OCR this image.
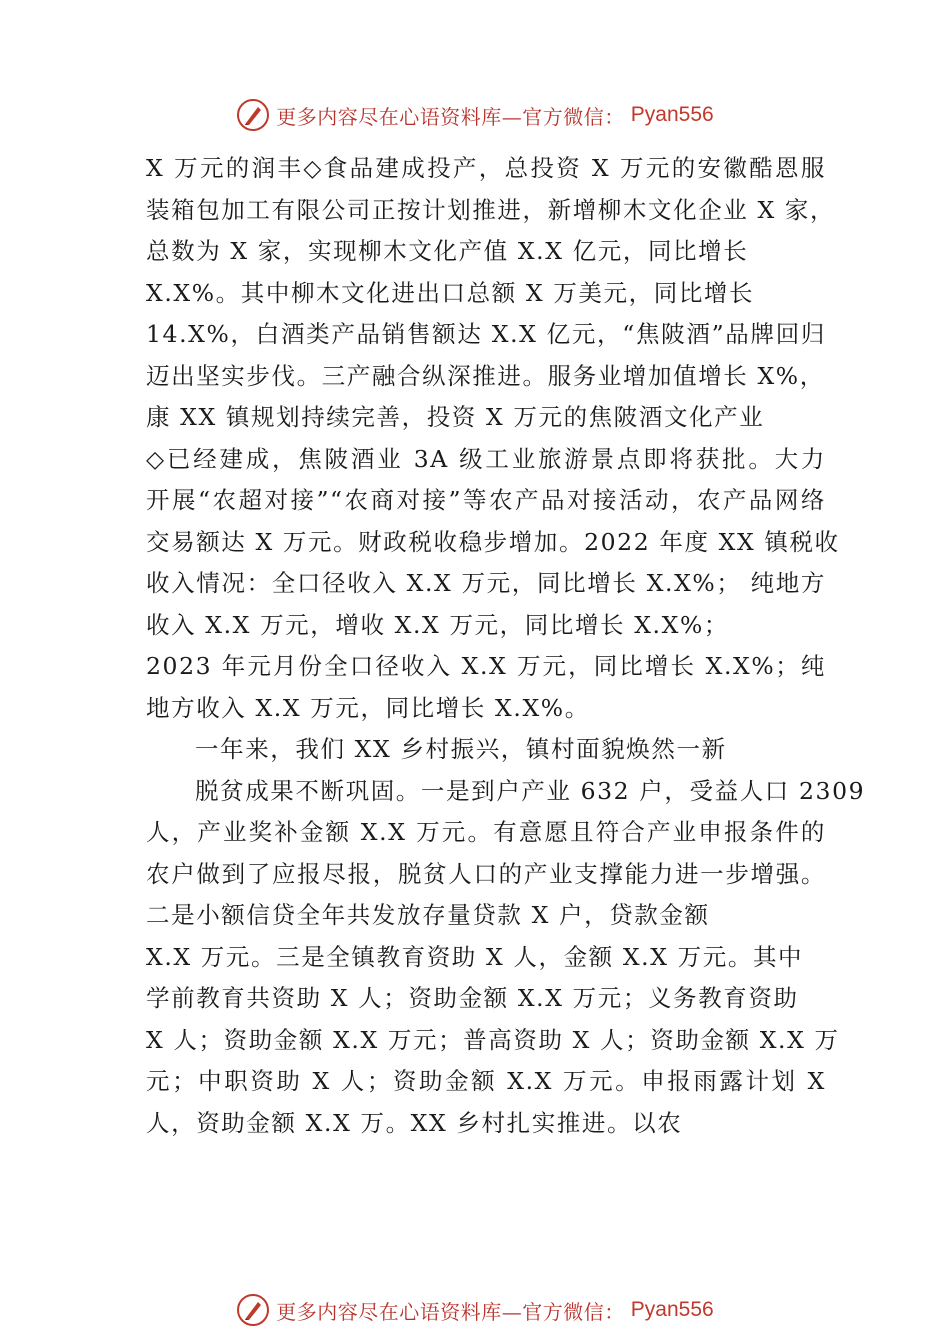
更多内容尽在心语资料库—官方微信： Pyan556
X 万元的润丰◇食品建成投产，总投资 X 万元的安徽酷恩服
装箱包加工有限公司正按计划推进，新增柳木文化企业 X 家，
总数为 X 家，实现柳木文化产值 X.X 亿元，同比增长
X.X%。其中柳木文化进出口总额 X 万美元，同比增长
14.X%，白酒类产品销售额达 X.X 亿元，“焦陂酒”品牌回归
迈出坚实步伐。三产融合纵深推进。服务业增加值增长 X%，
康 XX 镇规划持续完善，投资 X 万元的焦陂酒文化产业
◇已经建成，焦陂酒业 3A 级工业旅游景点即将获批。大力
开展“农超对接”“农商对接”等农产品对接活动，农产品网络
交易额达 X 万元。财政税收稳步增加。2022 年度 XX 镇税收
收入情况：全口径收入 X.X 万元，同比增长 X.X%； 纯地方
收入 X.X 万元，增收 X.X 万元，同比增长 X.X%；
2023 年元月份全口径收入 X.X 万元，同比增长 X.X%；纯
地方收入 X.X 万元，同比增长 X.X%。
一年来，我们 XX 乡村振兴，镇村面貌焕然一新
脱贫成果不断巩固。一是到户产业 632 户，受益人口 2309
人，产业奖补金额 X.X 万元。有意愿且符合产业申报条件的
农户做到了应报尽报，脱贫人口的产业支撑能力进一步增强。
二是小额信贷全年共发放存量贷款 X 户，贷款金额
X.X 万元。三是全镇教育资助 X 人，金额 X.X 万元。其中
学前教育共资助 X 人；资助金额 X.X 万元；义务教育资助
X 人；资助金额 X.X 万元；普高资助 X 人；资助金额 X.X 万
元；中职资助 X 人；资助金额 X.X 万元。申报雨露计划 X
人，资助金额 X.X 万。XX 乡村扎实推进。以农
更多内容尽在心语资料库—官方微信： Pyan556
